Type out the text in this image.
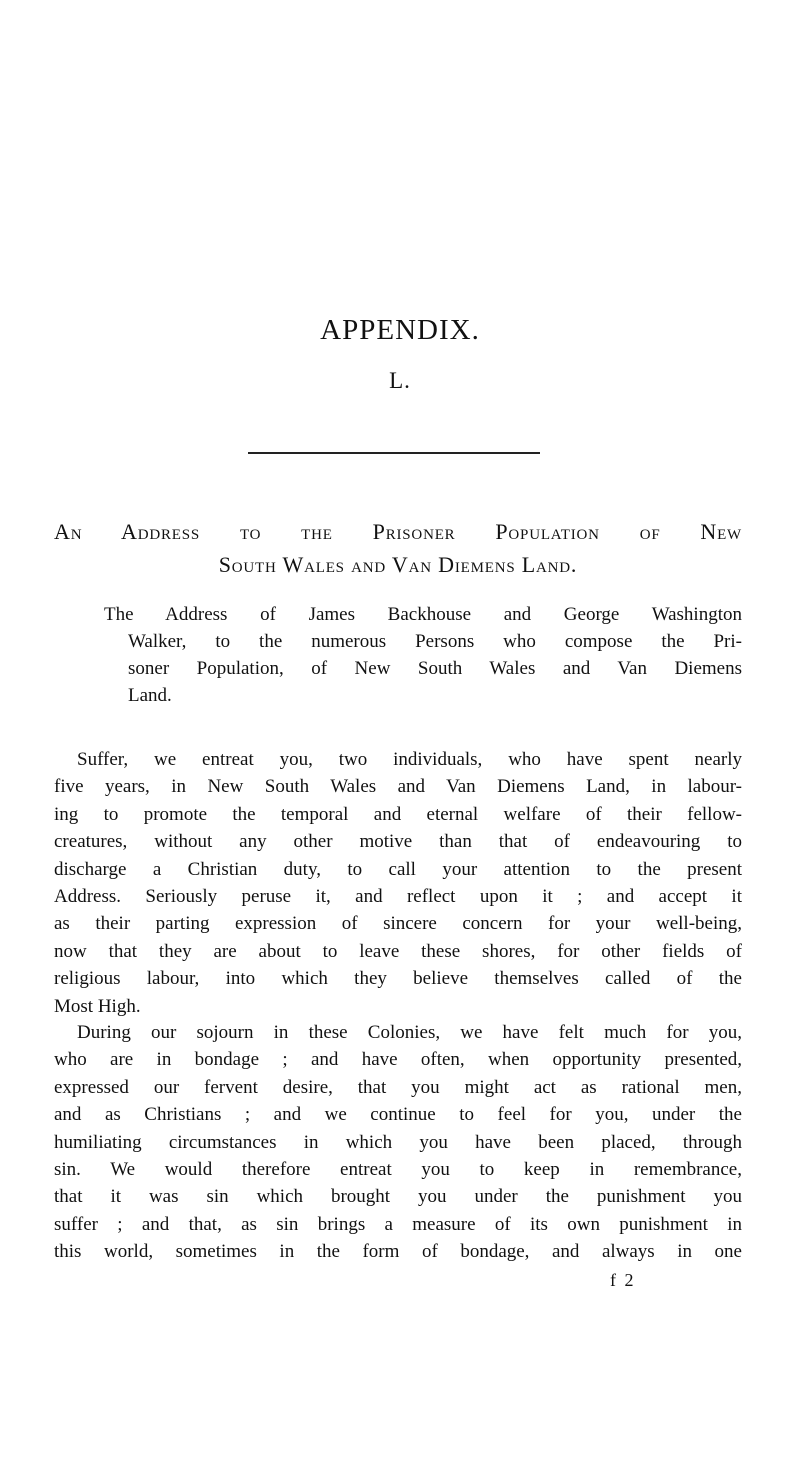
APPENDIX.
L.
An Address to the Prisoner Population of New
South Wales and Van Diemens Land.

The Address of James Backhouse and George Washington
Walker, to the numerous Persons who compose the Pri-
soner Population, of New South Wales and Van Diemens
Land.

Suffer, we entreat you, two individuals, who have spent nearly
five years, in New South Wales and Van Diemens Land, in labour-
ing to promote the temporal and eternal welfare of their fellow-
creatures, without any other motive than that of endeavouring to
discharge a Christian duty, to call your attention to the present
Address. Seriously peruse it, and reflect upon it ; and accept it
as their parting expression of sincere concern for your well-being,
now that they are about to leave these shores, for other fields of
religious labour, into which they believe themselves called of the
Most High.

During our sojourn in these Colonies, we have felt much for you,
who are in bondage ; and have often, when opportunity presented,
expressed our fervent desire, that you might act as rational men,
and as Christians ; and we continue to feel for you, under the
humiliating circumstances in which you have been placed, through
sin. We would therefore entreat you to keep in remembrance,
that it was sin which brought you under the punishment you
suffer ; and that, as sin brings a measure of its own punishment in
this world, sometimes in the form of bondage, and always in one

f 2
